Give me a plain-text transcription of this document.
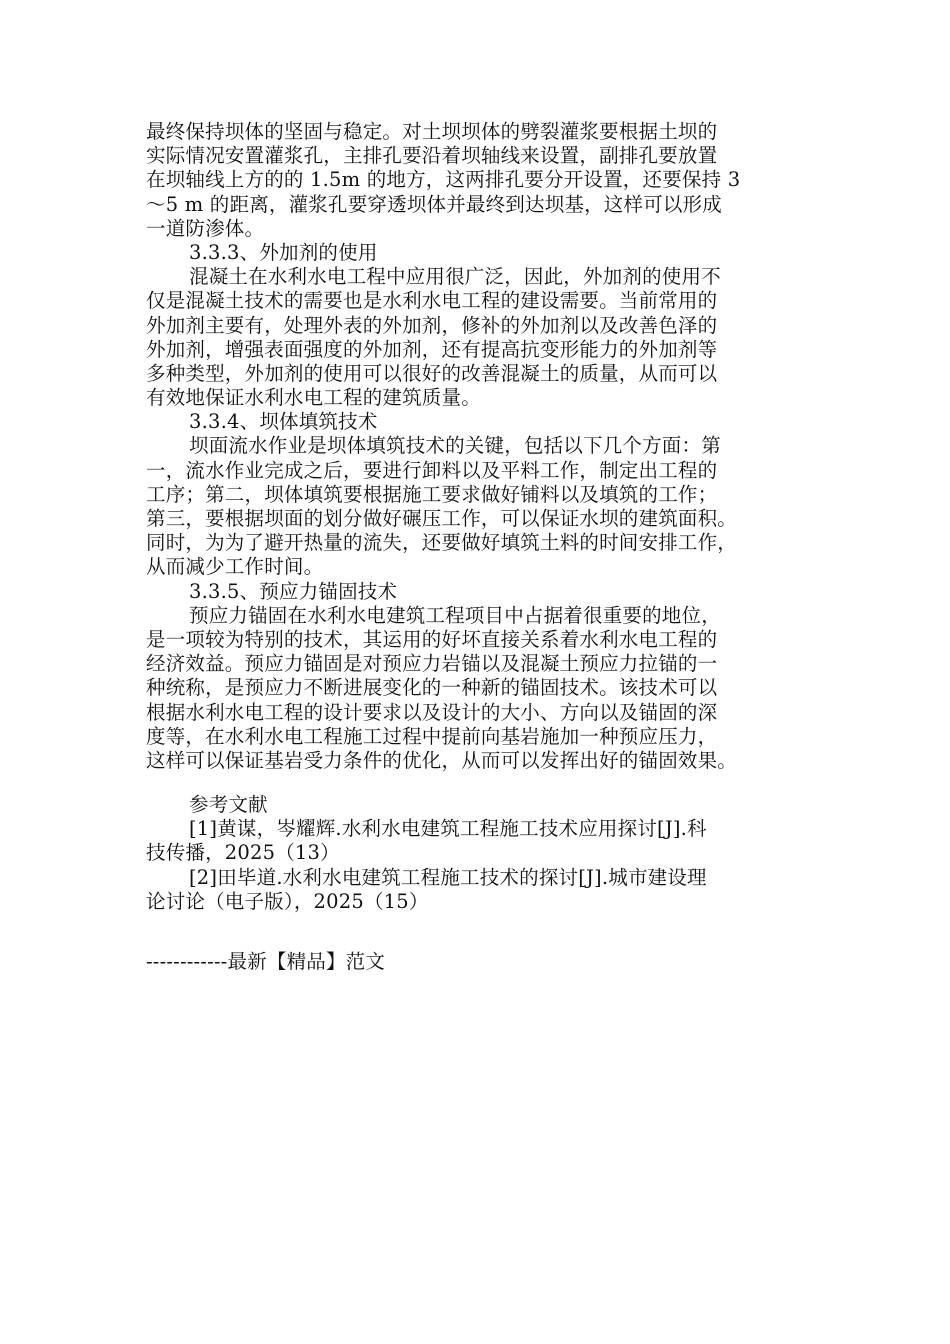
最终保持坝体的坚固与稳定。对土坝坝体的劈裂灌浆要根据土坝的
实际情况安置灌浆孔，主排孔要沿着坝轴线来设置，副排孔要放置
在坝轴线上方的的 1.5m 的地方，这两排孔要分开设置，还要保持 3
～5 m 的距离，灌浆孔要穿透坝体并最终到达坝基，这样可以形成
一道防渗体。
3.3.3、外加剂的使用
混凝土在水利水电工程中应用很广泛，因此，外加剂的使用不
仅是混凝土技术的需要也是水利水电工程的建设需要。当前常用的
外加剂主要有，处理外表的外加剂，修补的外加剂以及改善色泽的
外加剂，增强表面强度的外加剂，还有提高抗变形能力的外加剂等
多种类型，外加剂的使用可以很好的改善混凝土的质量，从而可以
有效地保证水利水电工程的建筑质量。
3.3.4、坝体填筑技术
坝面流水作业是坝体填筑技术的关键，包括以下几个方面：第
一，流水作业完成之后，要进行卸料以及平料工作，制定出工程的
工序；第二，坝体填筑要根据施工要求做好铺料以及填筑的工作；
第三，要根据坝面的划分做好碾压工作，可以保证水坝的建筑面积。
同时，为为了避开热量的流失，还要做好填筑土料的时间安排工作，
从而减少工作时间。
3.3.5、预应力锚固技术
预应力锚固在水利水电建筑工程项目中占据着很重要的地位，
是一项较为特别的技术，其运用的好坏直接关系着水利水电工程的
经济效益。预应力锚固是对预应力岩锚以及混凝土预应力拉锚的一
种统称，是预应力不断进展变化的一种新的锚固技术。该技术可以
根据水利水电工程的设计要求以及设计的大小、方向以及锚固的深
度等，在水利水电工程施工过程中提前向基岩施加一种预应压力，
这样可以保证基岩受力条件的优化，从而可以发挥出好的锚固效果。
参考文献
[1]黄谋，岑耀辉.水利水电建筑工程施工技术应用探讨[J].科
技传播，2025（13）
[2]田毕道.水利水电建筑工程施工技术的探讨[J].城市建设理
论讨论（电子版），2025（15）
------------最新【精品】范文
